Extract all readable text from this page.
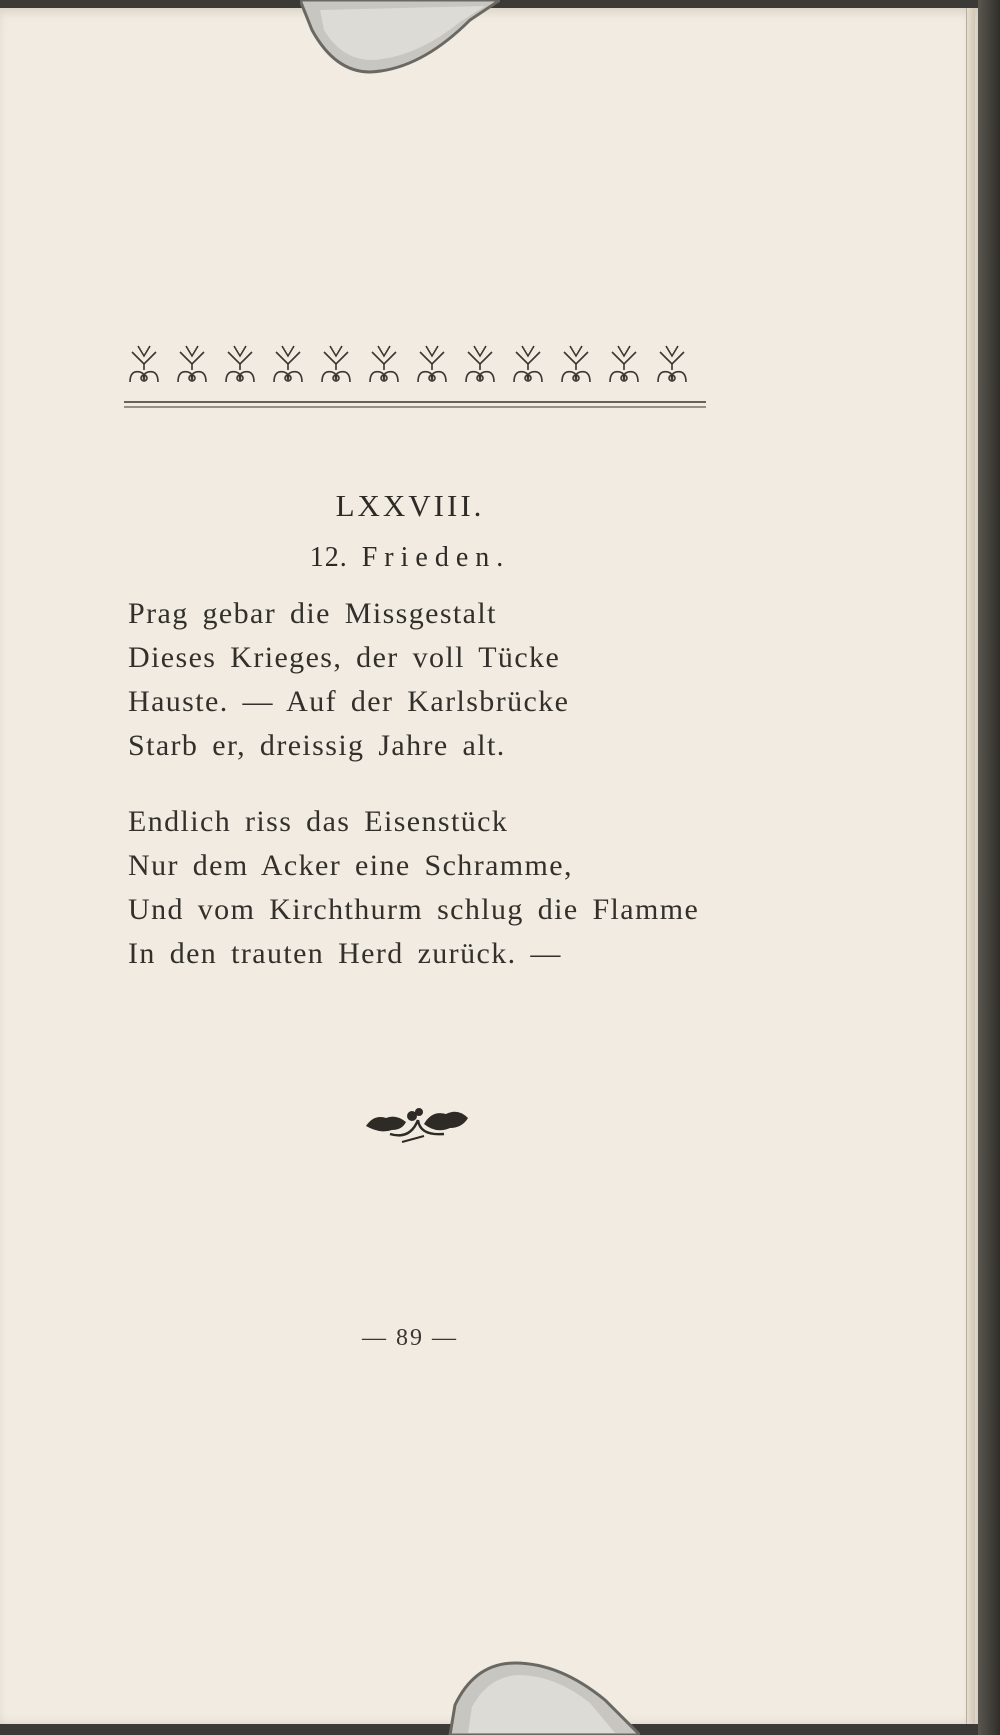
LXXVIII.
12. Frieden.
Prag gebar die Missgestalt
Dieses Krieges, der voll Tücke
Hauste. — Auf der Karlsbrücke
Starb er, dreissig Jahre alt.
Endlich riss das Eisenstück
Nur dem Acker eine Schramme,
Und vom Kirchthurm schlug die Flamme
In den trauten Herd zurück. —
— 89 —
